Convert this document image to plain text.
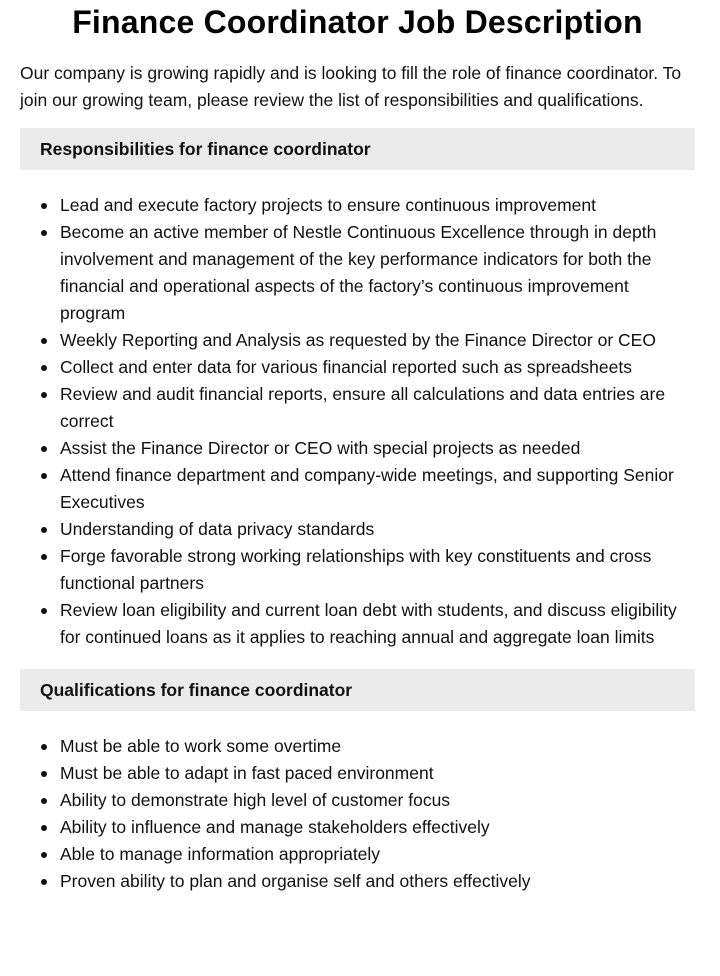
Finance Coordinator Job Description

Our company is growing rapidly and is looking to fill the role of finance coordinator. To join our growing team, please review the list of responsibilities and qualifications.

Responsibilities for finance coordinator
Lead and execute factory projects to ensure continuous improvement
Become an active member of Nestle Continuous Excellence through in depth involvement and management of the key performance indicators for both the financial and operational aspects of the factory’s continuous improvement program
Weekly Reporting and Analysis as requested by the Finance Director or CEO
Collect and enter data for various financial reported such as spreadsheets
Review and audit financial reports, ensure all calculations and data entries are correct
Assist the Finance Director or CEO with special projects as needed
Attend finance department and company-wide meetings, and supporting Senior Executives
Understanding of data privacy standards
Forge favorable strong working relationships with key constituents and cross functional partners
Review loan eligibility and current loan debt with students, and discuss eligibility for continued loans as it applies to reaching annual and aggregate loan limits
Qualifications for finance coordinator
Must be able to work some overtime
Must be able to adapt in fast paced environment
Ability to demonstrate high level of customer focus
Ability to influence and manage stakeholders effectively
Able to manage information appropriately
Proven ability to plan and organise self and others effectively
